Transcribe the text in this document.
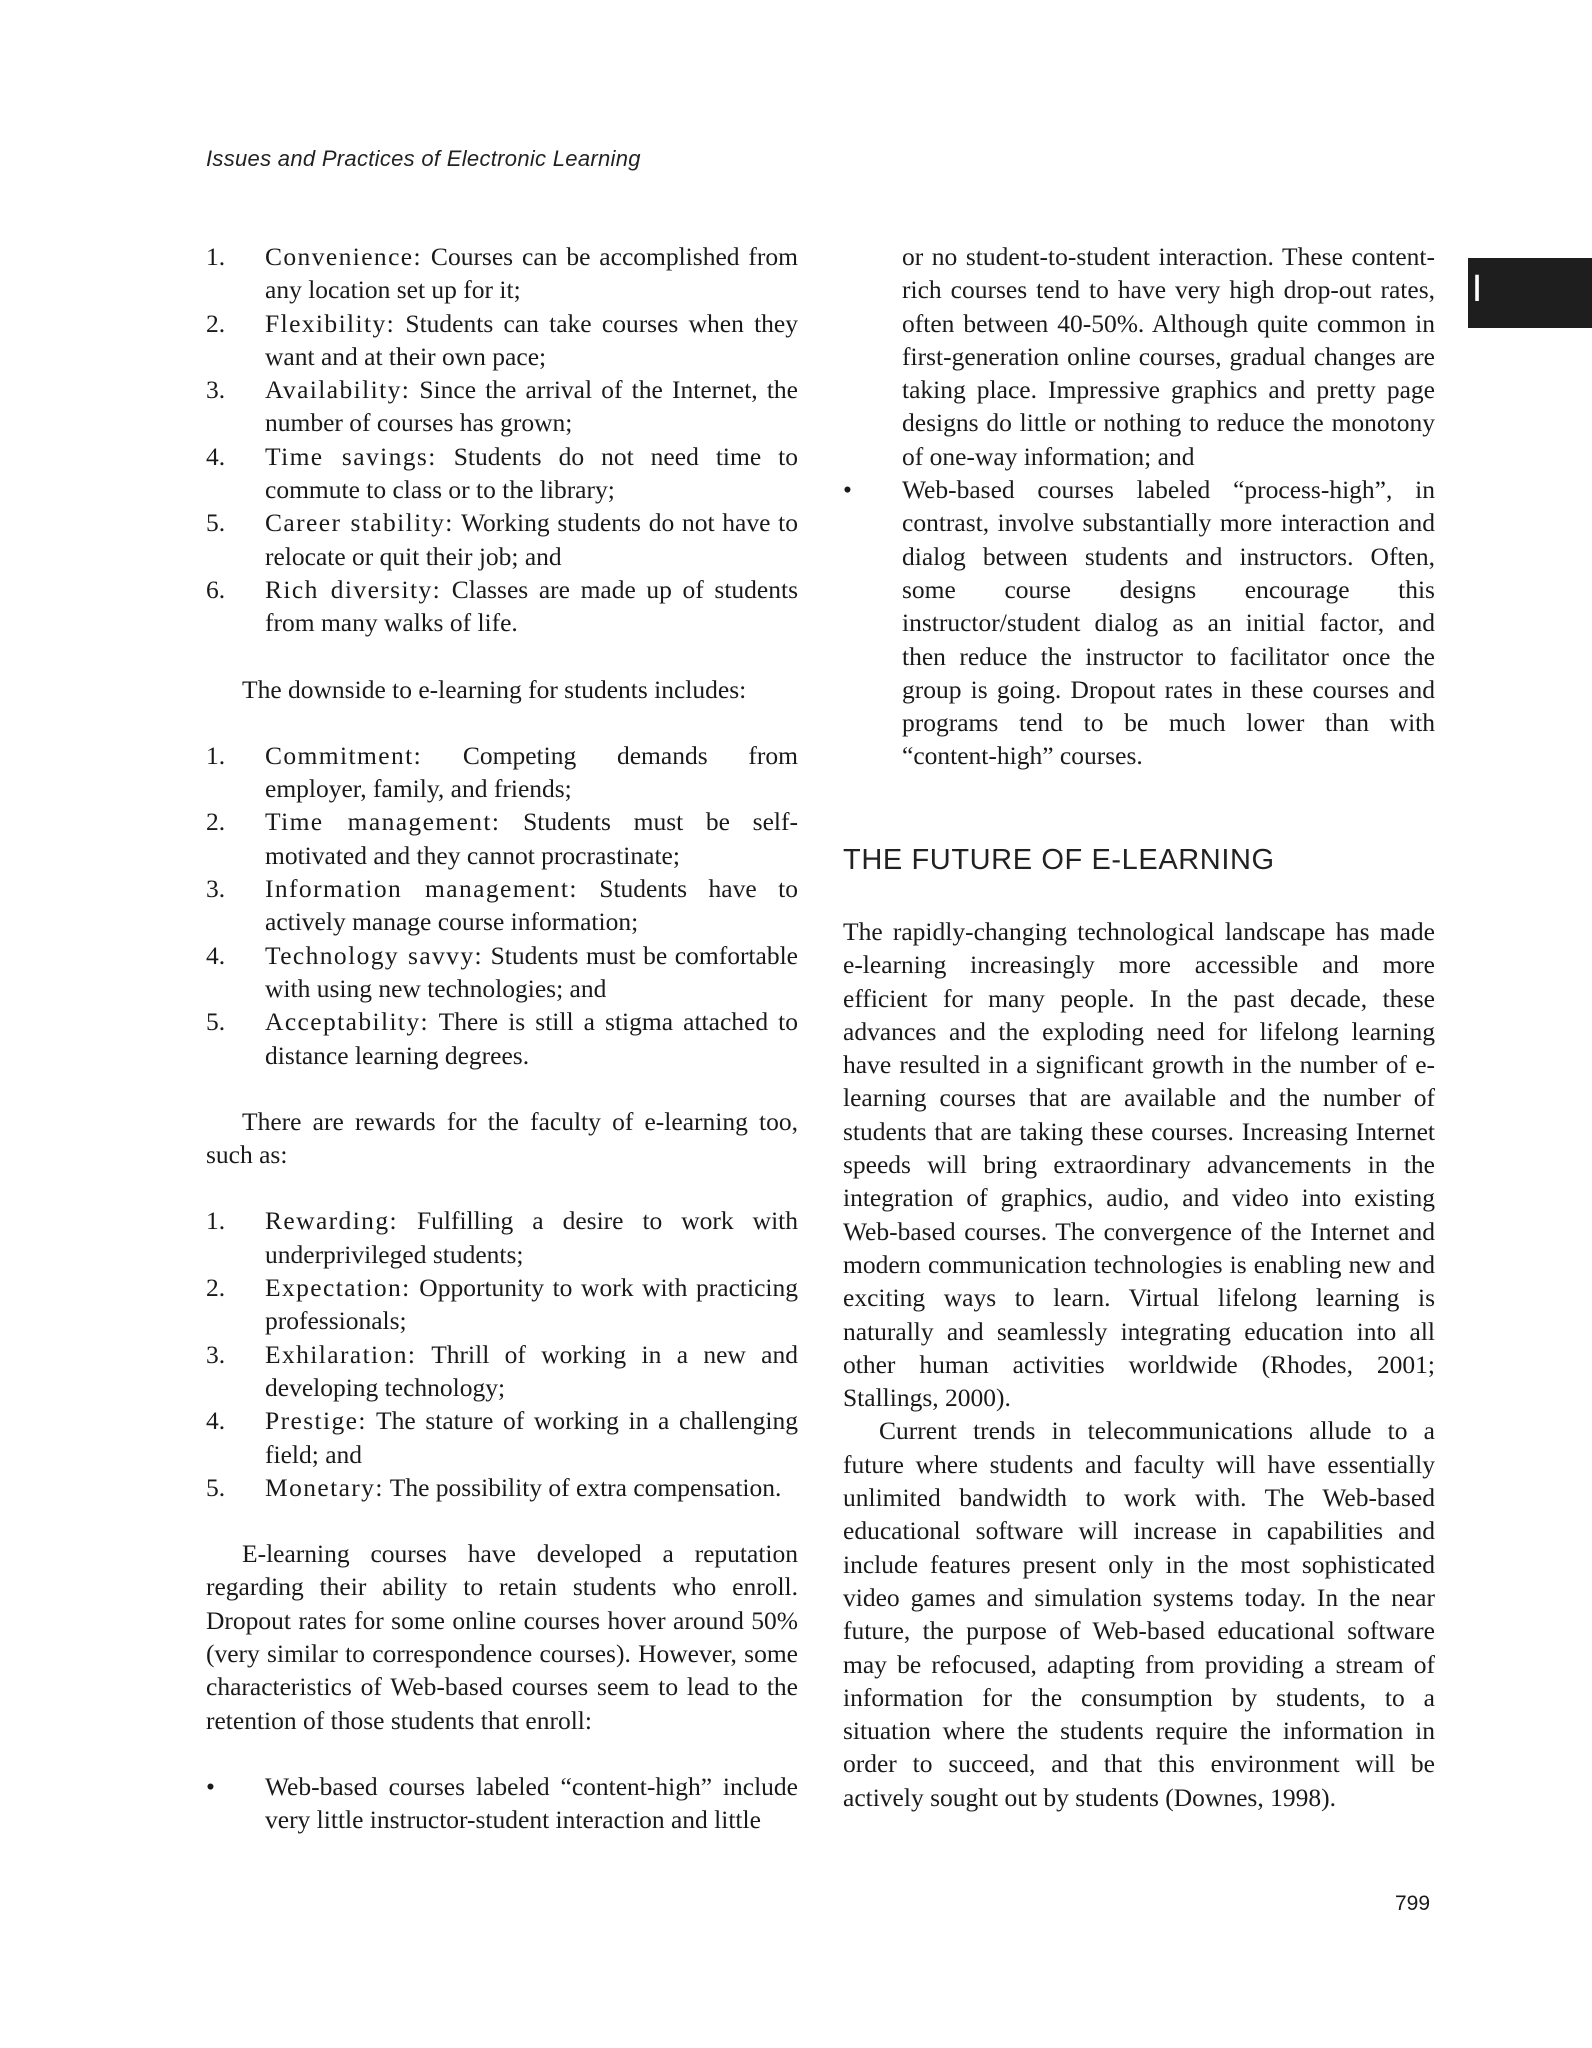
Issues and Practices of Electronic Learning
I
1.	Convenience: Courses can be accomplished from any location set up for it;
2.	Flexibility: Students can take courses when they want and at their own pace;
3.	Availability: Since the arrival of the Internet, the number of courses has grown;
4.	Time savings: Students do not need time to commute to class or to the library;
5.	Career stability: Working students do not have to relocate or quit their job; and
6.	Rich diversity: Classes are made up of students from many walks of life.

The downside to e-learning for students includes:

1.	Commitment: Competing demands from employer, family, and friends;
2.	Time management: Students must be self-motivated and they cannot procrastinate;
3.	Information management: Students have to actively manage course information;
4.	Technology savvy: Students must be comfortable with using new technologies; and
5.	Acceptability: There is still a stigma attached to distance learning degrees.

There are rewards for the faculty of e-learning too, such as:

1.	Rewarding: Fulfilling a desire to work with underprivileged students;
2.	Expectation: Opportunity to work with practicing professionals;
3.	Exhilaration: Thrill of working in a new and developing technology;
4.	Prestige: The stature of working in a challenging field; and
5.	Monetary: The possibility of extra compensation.

E-learning courses have developed a reputation regarding their ability to retain students who enroll. Dropout rates for some online courses hover around 50% (very similar to correspondence courses). However, some characteristics of Web-based courses seem to lead to the retention of those students that enroll:

•	Web-based courses labeled “content-high” include very little instructor-student interaction and little
or no student-to-student interaction. These content-rich courses tend to have very high drop-out rates, often between 40-50%. Although quite common in first-generation online courses, gradual changes are taking place. Impressive graphics and pretty page designs do little or nothing to reduce the monotony of one-way information; and
•	Web-based courses labeled “process-high”, in contrast, involve substantially more interaction and dialog between students and instructors. Often, some course designs encourage this instructor/student dialog as an initial factor, and then reduce the instructor to facilitator once the group is going. Dropout rates in these courses and programs tend to be much lower than with “content-high” courses.
THE FUTURE OF E-LEARNING

The rapidly-changing technological landscape has made e-learning increasingly more accessible and more efficient for many people. In the past decade, these advances and the exploding need for lifelong learning have resulted in a significant growth in the number of e-learning courses that are available and the number of students that are taking these courses. Increasing Internet speeds will bring extraordinary advancements in the integration of graphics, audio, and video into existing Web-based courses. The convergence of the Internet and modern communication technologies is enabling new and exciting ways to learn. Virtual lifelong learning is naturally and seamlessly integrating education into all other human activities worldwide (Rhodes, 2001; Stallings, 2000).

Current trends in telecommunications allude to a future where students and faculty will have essentially unlimited bandwidth to work with. The Web-based educational software will increase in capabilities and include features present only in the most sophisticated video games and simulation systems today. In the near future, the purpose of Web-based educational software may be refocused, adapting from providing a stream of information for the consumption by students, to a situation where the students require the information in order to succeed, and that this environment will be actively sought out by students (Downes, 1998).

799
